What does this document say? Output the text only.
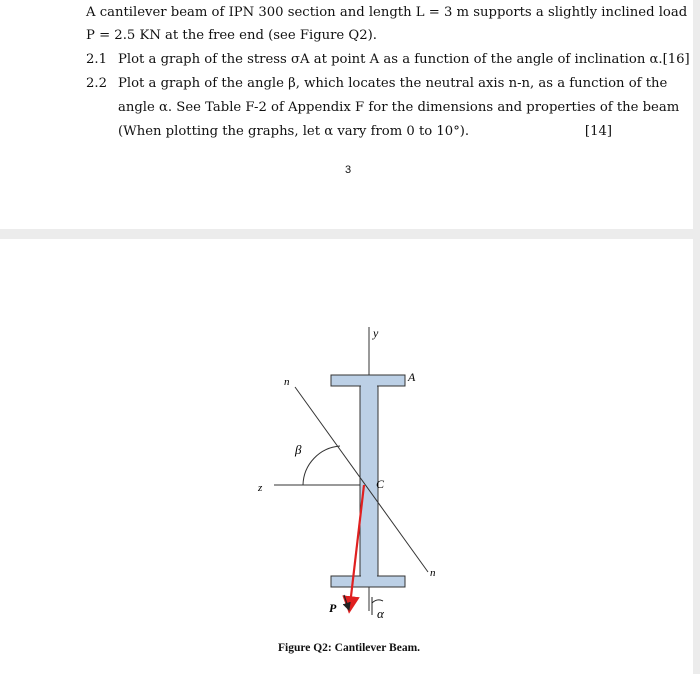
A cantilever beam of IPN 300 section and length L = 3 m supports a slightly inclined load
P = 2.5 KN at the free end (see Figure Q2).
2.1 Plot a graph of the stress σA at point A as a function of the angle of inclination α. [16]
2.2 Plot a graph of the angle β, which locates the neutral axis n-n, as a function of the
angle α. See Table F-2 of Appendix F for the dimensions and properties of the beam
(When plotting the graphs, let α vary from 0 to 10°).	[14]
3
y
z
n
n
A
C
β
P	α
Figure Q2: Cantilever Beam.
